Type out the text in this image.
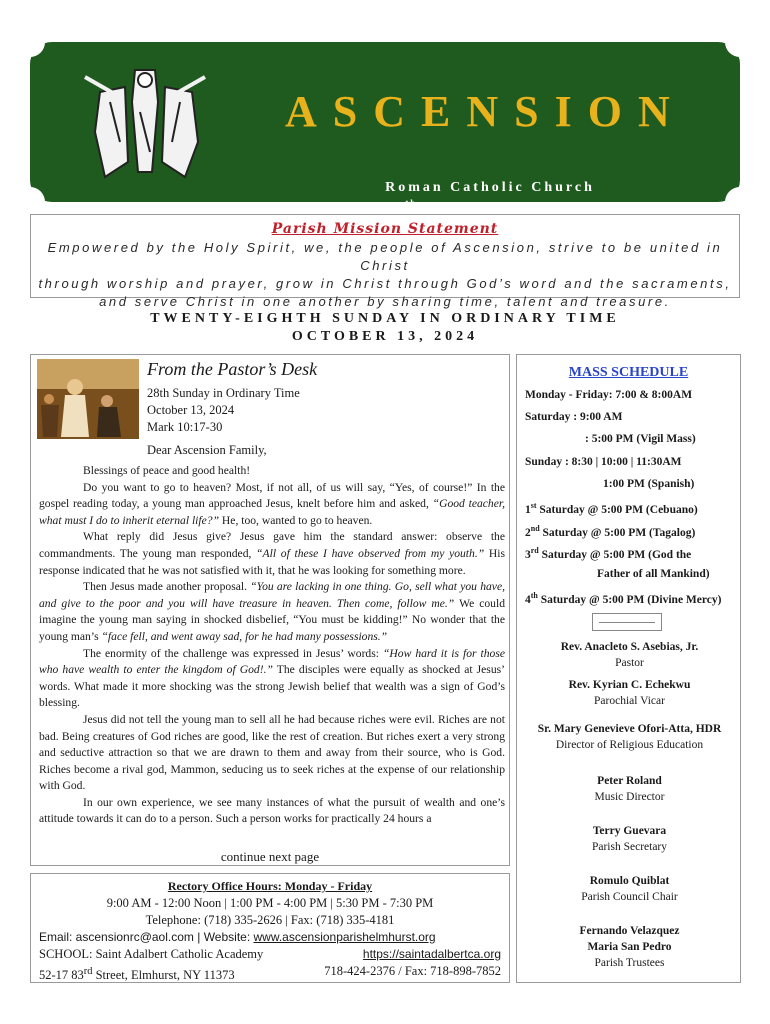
ASCENSION
Roman Catholic Church
86-13 55th Avenue Elmhurst, NY 11373
Parish Mission Statement
Empowered by the Holy Spirit, we, the people of Ascension, strive to be united in Christ
through worship and prayer, grow in Christ through God’s word and the sacraments,
and serve Christ in one another by sharing time, talent and treasure.
TWENTY-EIGHTH SUNDAY IN ORDINARY TIME
OCTOBER 13, 2024
From the Pastor’s Desk
28th Sunday in Ordinary Time
October 13, 2024
Mark 10:17-30
Dear Ascension Family,

Blessings of peace and good health!

Do you want to go to heaven? Most, if not all, of us will say, “Yes, of course!” In the gospel reading today, a young man approached Jesus, knelt before him and asked, “Good teacher, what must I do to inherit eternal life?” He, too, wanted to go to heaven.

What reply did Jesus give? Jesus gave him the standard answer: observe the commandments. The young man responded, “All of these I have observed from my youth.” His response indicated that he was not satisfied with it, that he was looking for something more.

Then Jesus made another proposal. “You are lacking in one thing. Go, sell what you have, and give to the poor and you will have treasure in heaven. Then come, follow me.” We could imagine the young man saying in shocked disbelief, “You must be kidding!” No wonder that the young man’s “face fell, and went away sad, for he had many possessions.”

The enormity of the challenge was expressed in Jesus’ words: “How hard it is for those who have wealth to enter the kingdom of God!.” The disciples were equally as shocked at Jesus’ words. What made it more shocking was the strong Jewish belief that wealth was a sign of God’s blessing.

Jesus did not tell the young man to sell all he had because riches were evil. Riches are not bad. Being creatures of God riches are good, like the rest of creation. But riches exert a very strong and seductive attraction so that we are drawn to them and away from their source, who is God. Riches become a rival god, Mammon, seducing us to seek riches at the expense of our relationship with God.

In our own experience, we see many instances of what the pursuit of wealth and one’s attitude towards it can do to a person. Such a person works for practically 24 hours a

continue next page
Rectory Office Hours: Monday - Friday
9:00 AM - 12:00 Noon | 1:00 PM - 4:00 PM | 5:30 PM - 7:30 PM
Telephone: (718) 335-2626 | Fax: (718) 335-4181
Email: ascensionrc@aol.com | Website: www.ascensionparishelmhurst.org
SCHOOL: Saint Adalbert Catholic Academy	https://saintadalbertca.org
52-17 83rd Street, Elmhurst, NY 11373	718-424-2376 / Fax: 718-898-7852
MASS SCHEDULE
Monday - Friday: 7:00 & 8:00AM
Saturday : 9:00 AM
: 5:00 PM (Vigil Mass)
Sunday : 8:30 | 10:00 | 11:30AM
1:00 PM (Spanish)
1st Saturday @ 5:00 PM (Cebuano)
2nd Saturday @ 5:00 PM (Tagalog)
3rd Saturday @ 5:00 PM (God the
Father of all Mankind)
4th Saturday @ 5:00 PM (Divine Mercy)
Rev. Anacleto S. Asebias, Jr.
Pastor
Rev. Kyrian C. Echekwu
Parochial Vicar
Sr. Mary Genevieve Ofori-Atta, HDR
Director of Religious Education
Peter Roland
Music Director
Terry Guevara
Parish Secretary
Romulo Quiblat
Parish Council Chair
Fernando Velazquez
Maria San Pedro
Parish Trustees
